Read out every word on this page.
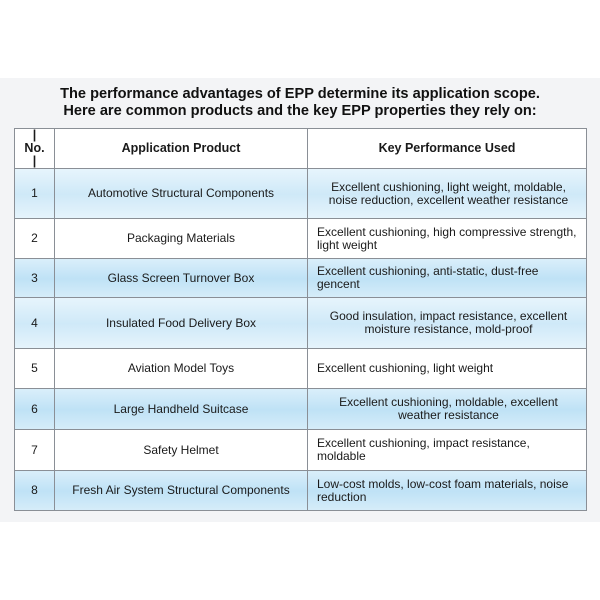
The performance advantages of EPP determine its application scope.
Here are common products and the key EPP properties they rely on:
| No. |	Application Product	Key Performance Used
1	Automotive Structural Components	Excellent cushioning, light weight, moldable, noise reduction, excellent weather resistance
2	Packaging Materials	Excellent cushioning, high compressive strength, light weight
3	Glass Screen Turnover Box	Excellent cushioning, anti-static, dust-free gencent
4	Insulated Food Delivery Box	Good insulation, impact resistance, excellent moisture resistance, mold-proof
5	Aviation Model Toys	Excellent cushioning, light weight
6	Large Handheld Suitcase	Excellent cushioning, moldable, excellent weather resistance
7	Safety Helmet	Excellent cushioning, impact resistance, moldable
8	Fresh Air System Structural Components	Low-cost molds, low-cost foam materials, noise reduction
